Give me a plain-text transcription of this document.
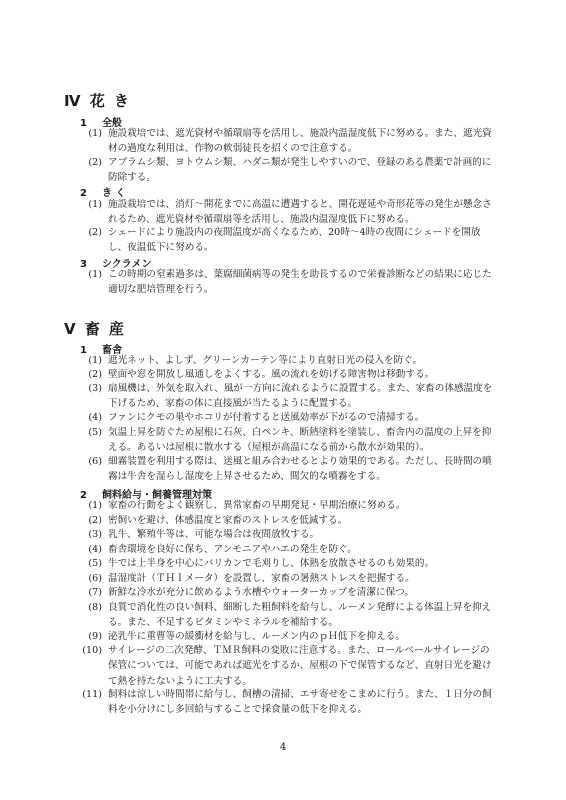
Ⅳ 花 き
1 全般
(1) 施設栽培では、遮光資材や循環扇等を活用し、施設内温湿度低下に努める。また、遮光資材の過度な利用は、作物の軟弱徒長を招くので注意する。
(2) アブラムシ類、ヨトウムシ類、ハダニ類が発生しやすいので、登録のある農薬で計画的に防除する。
2 き く
(1) 施設栽培では、消灯～開花までに高温に遭遇すると、開花遅延や奇形花等の発生が懸念されるため、遮光資材や循環扇等を活用し、施設内温湿度低下に努める。
(2) シェードにより施設内の夜間温度が高くなるため、20時～4時の夜間にシェードを開放し、夜温低下に努める。
3 シクラメン
(1) この時期の窒素過多は、葉腐細菌病等の発生を助長するので栄養診断などの結果に応じた適切な肥培管理を行う。
Ⅴ 畜 産
1 畜舎
(1) 遮光ネット、よしず、グリーンカーテン等により直射日光の侵入を防ぐ。
(2) 壁面や窓を開放し風通しをよくする。風の流れを妨げる障害物は移動する。
(3) 扇風機は、外気を取入れ、風が一方向に流れるように設置する。また、家畜の体感温度を下げるため、家畜の体に直接風が当たるように配置する。
(4) ファンにクモの巣やホコリが付着すると送風効率が下がるので清掃する。
(5) 気温上昇を防ぐため屋根に石灰、白ペンキ、断熱塗料を塗装し、畜舎内の温度の上昇を抑える。あるいは屋根に散水する（屋根が高温になる前から散水が効果的）。
(6) 細霧装置を利用する際は、送風と組み合わせるとより効果的である。ただし、長時間の噴霧は牛舎を湿らし湿度を上昇させるため、間欠的な噴霧をする。
2 飼料給与・飼養管理対策
(1) 家畜の行動をよく観察し、異常家畜の早期発見・早期治療に努める。
(2) 密飼いを避け、体感温度と家畜のストレスを低減する。
(3) 乳牛、繁殖牛等は、可能な場合は夜間放牧する。
(4) 畜舎環境を良好に保ち、アンモニアやハエの発生を防ぐ。
(5) 牛では上半身を中心にバリカンで毛刈りし、体熱を放散させるのも効果的。
(6) 温湿度計（ＴＨＩメータ）を設置し、家畜の暑熱ストレスを把握する。
(7) 新鮮な冷水が充分に飲めるよう水槽やウォーターカップを清潔に保つ。
(8) 良質で消化性の良い飼料、細断した粗飼料を給与し、ルーメン発酵による体温上昇を抑える。また、不足するビタミンやミネラルを補給する。
(9) 泌乳牛に重曹等の緩衝材を給与し、ルーメン内のｐＨ低下を抑える。
(10) サイレージの二次発酵、ＴＭＲ飼料の変敗に注意する。また、ロールベールサイレージの保管については、可能であれば遮光をするか、屋根の下で保管するなど、直射日光を避けて熱を持たないように工夫する。
(11) 飼料は涼しい時間帯に給与し、飼槽の清掃、エサ寄せをこまめに行う。また、１日分の飼料を小分けにし多回給与することで採食量の低下を抑える。
4
